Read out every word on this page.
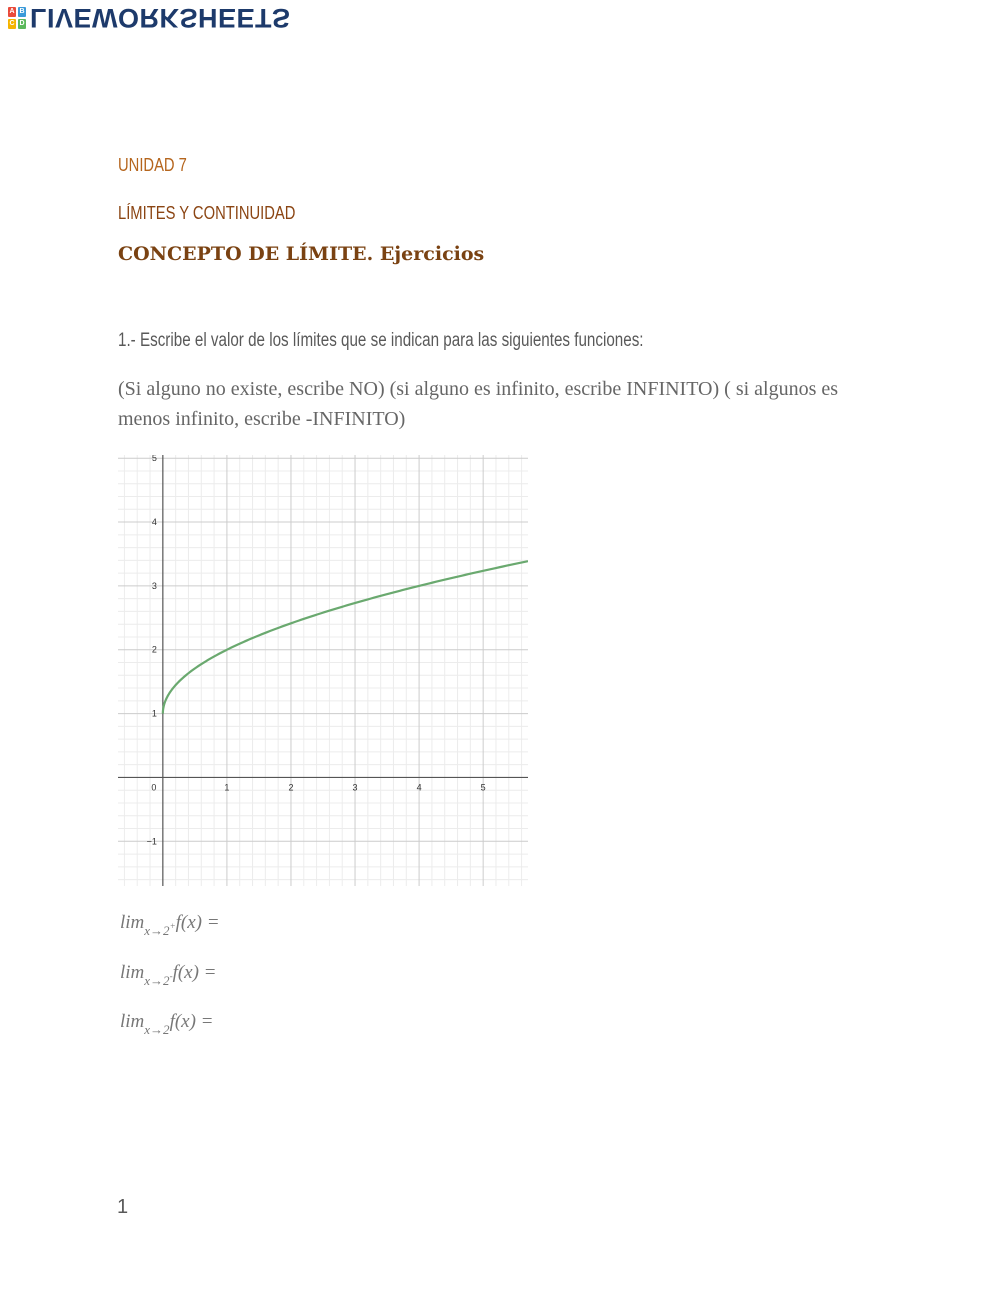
A B
C D LIVEWORKSHEETS
UNIDAD 7
LÍMITES Y CONTINUIDAD
CONCEPTO DE LÍMITE. Ejercicios
1.- Escribe el valor de los límites que se indican para las siguientes funciones:
(Si alguno no existe, escribe NO) (si alguno es infinito, escribe INFINITO) ( si algunos es menos infinito, escribe -INFINITO)
0	1	2	3	4	5
−1
1
2
3
4
5
$\lim_{x\to 2^+}f(x)$ =
$\lim_{x\to 2^-}f(x)$ =
$\lim_{x\to 2}f(x)$ =
1
